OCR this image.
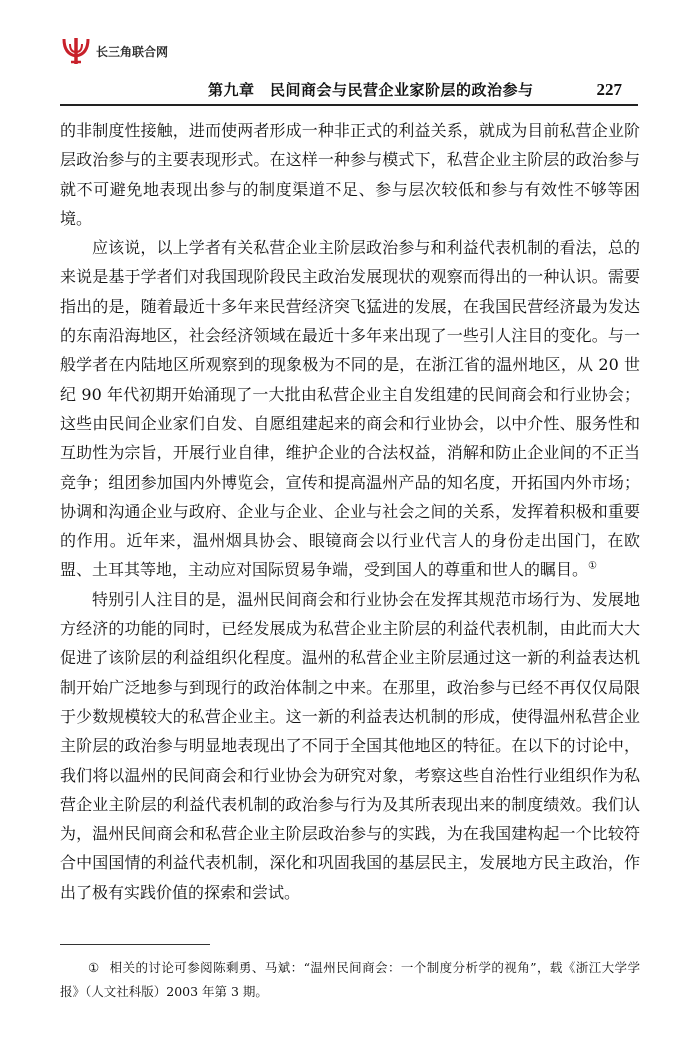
长三角联合网
第九章　民间商会与民营企业家阶层的政治参与	227

的非制度性接触，进而使两者形成一种非正式的利益关系，就成为目前私营企业阶层政治参与的主要表现形式。在这样一种参与模式下，私营企业主阶层的政治参与就不可避免地表现出参与的制度渠道不足、参与层次较低和参与有效性不够等困境。

应该说，以上学者有关私营企业主阶层政治参与和利益代表机制的看法，总的来说是基于学者们对我国现阶段民主政治发展现状的观察而得出的一种认识。需要指出的是，随着最近十多年来民营经济突飞猛进的发展，在我国民营经济最为发达的东南沿海地区，社会经济领域在最近十多年来出现了一些引人注目的变化。与一般学者在内陆地区所观察到的现象极为不同的是，在浙江省的温州地区，从 20 世纪 90 年代初期开始涌现了一大批由私营企业主自发组建的民间商会和行业协会；这些由民间企业家们自发、自愿组建起来的商会和行业协会，以中介性、服务性和互助性为宗旨，开展行业自律，维护企业的合法权益，消解和防止企业间的不正当竞争；组团参加国内外博览会，宣传和提高温州产品的知名度，开拓国内外市场；协调和沟通企业与政府、企业与企业、企业与社会之间的关系，发挥着积极和重要的作用。近年来，温州烟具协会、眼镜商会以行业代言人的身份走出国门，在欧盟、土耳其等地，主动应对国际贸易争端，受到国人的尊重和世人的瞩目。①

特别引人注目的是，温州民间商会和行业协会在发挥其规范市场行为、发展地方经济的功能的同时，已经发展成为私营企业主阶层的利益代表机制，由此而大大促进了该阶层的利益组织化程度。温州的私营企业主阶层通过这一新的利益表达机制开始广泛地参与到现行的政治体制之中来。在那里，政治参与已经不再仅仅局限于少数规模较大的私营企业主。这一新的利益表达机制的形成，使得温州私营企业主阶层的政治参与明显地表现出了不同于全国其他地区的特征。在以下的讨论中，我们将以温州的民间商会和行业协会为研究对象，考察这些自治性行业组织作为私营企业主阶层的利益代表机制的政治参与行为及其所表现出来的制度绩效。我们认为，温州民间商会和私营企业主阶层政治参与的实践，为在我国建构起一个比较符合中国国情的利益代表机制，深化和巩固我国的基层民主，发展地方民主政治，作出了极有实践价值的探索和尝试。

① 相关的讨论可参阅陈剩勇、马斌：“温州民间商会：一个制度分析学的视角”，载《浙江大学学报》（人文社科版）2003 年第 3 期。
